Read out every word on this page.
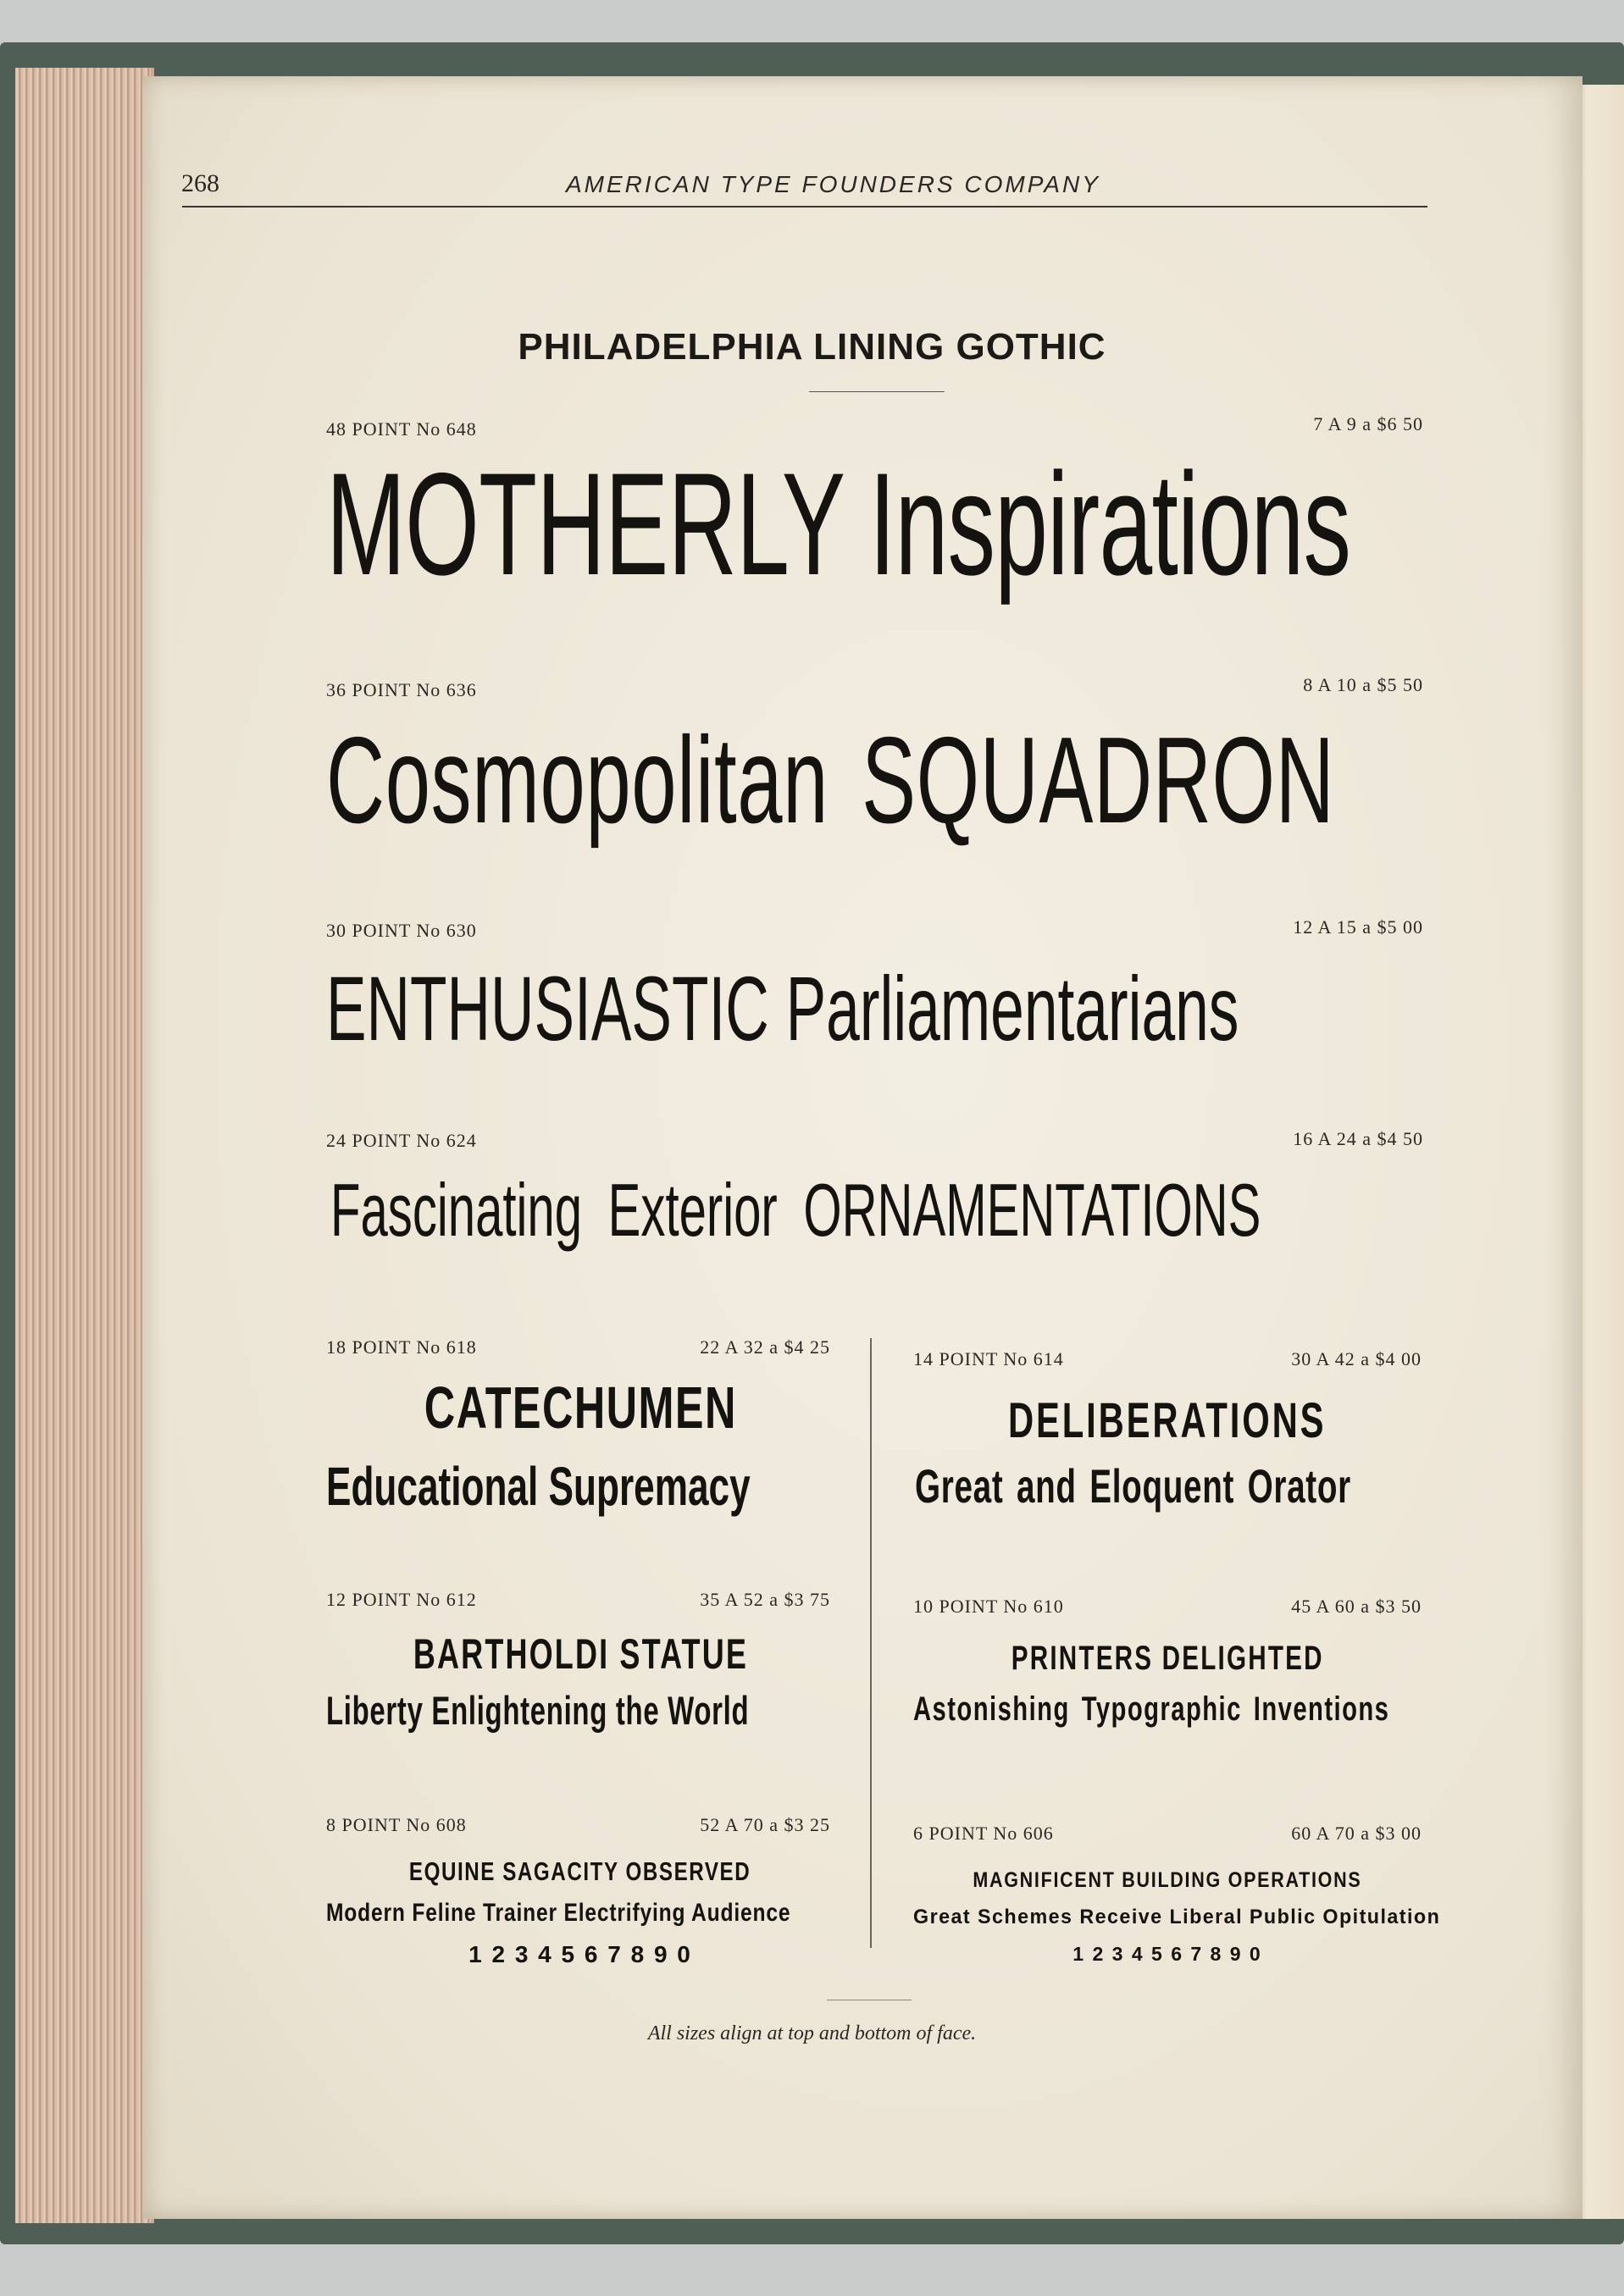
268	AMERICAN TYPE FOUNDERS COMPANY
PHILADELPHIA LINING GOTHIC
48 POINT No 648	7 A 9 a $6 50
MOTHERLY Inspirations
36 POINT No 636	8 A 10 a $5 50
Cosmopolitan SQUADRON
30 POINT No 630	12 A 15 a $5 00
ENTHUSIASTIC Parliamentarians
24 POINT No 624	16 A 24 a $4 50
Fascinating Exterior ORNAMENTATIONS
18 POINT No 618	22 A 32 a $4 25
CATECHUMEN
Educational Supremacy
12 POINT No 612	35 A 52 a $3 75
BARTHOLDI STATUE
Liberty Enlightening the World
8 POINT No 608	52 A 70 a $3 25
EQUINE SAGACITY OBSERVED
Modern Feline Trainer Electrifying Audience
1 2 3 4 5 6 7 8 9 0
14 POINT No 614	30 A 42 a $4 00
DELIBERATIONS
Great and Eloquent Orator
10 POINT No 610	45 A 60 a $3 50
PRINTERS DELIGHTED
Astonishing Typographic Inventions
6 POINT No 606	60 A 70 a $3 00
MAGNIFICENT BUILDING OPERATIONS
Great Schemes Receive Liberal Public Opitulation
1 2 3 4 5 6 7 8 9 0
All sizes align at top and bottom of face.
